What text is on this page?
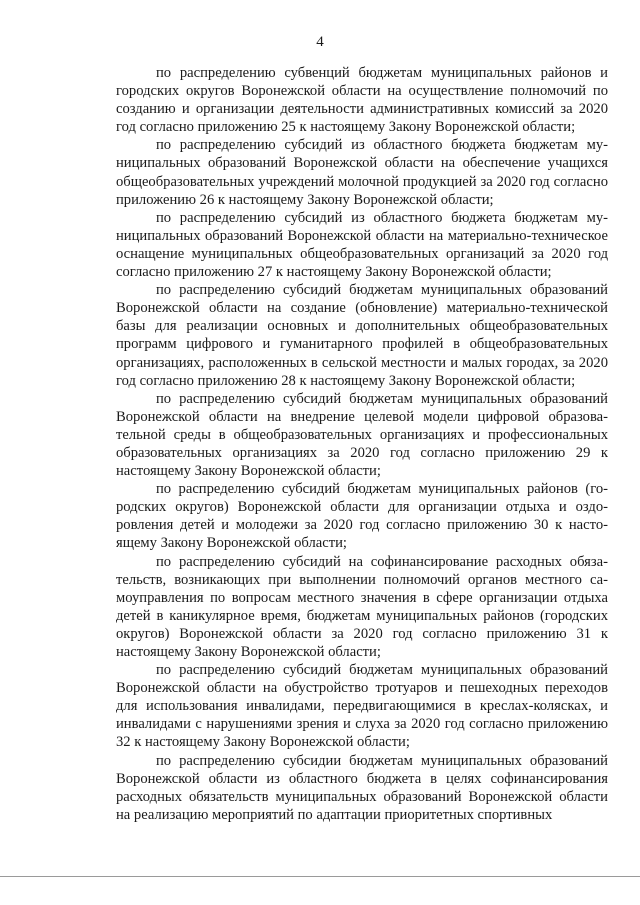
4

по распределению субвенций бюджетам муниципальных районов и городских округов Воронежской области на осуществление полномочий по созданию и организации деятельности административных комиссий за 2020 год согласно приложению 25 к настоящему Закону Воронежской области;

по распределению субсидий из областного бюджета бюджетам муниципальных образований Воронежской области на обеспечение учащихся общеобразовательных учреждений молочной продукцией за 2020 год согласно приложению 26 к настоящему Закону Воронежской области;

по распределению субсидий из областного бюджета бюджетам муниципальных образований Воронежской области на материально-техническое оснащение муниципальных общеобразовательных организаций за 2020 год согласно приложению 27 к настоящему Закону Воронежской области;

по распределению субсидий бюджетам муниципальных образований Воронежской области на создание (обновление) материально-технической базы для реализации основных и дополнительных общеобразовательных программ цифрового и гуманитарного профилей в общеобразовательных организациях, расположенных в сельской местности и малых городах, за 2020 год согласно приложению 28 к настоящему Закону Воронежской области;

по распределению субсидий бюджетам муниципальных образований Воронежской области на внедрение целевой модели цифровой образовательной среды в общеобразовательных организациях и профессиональных образовательных организациях за 2020 год согласно приложению 29 к настоящему Закону Воронежской области;

по распределению субсидий бюджетам муниципальных районов (городских округов) Воронежской области для организации отдыха и оздоровления детей и молодежи за 2020 год согласно приложению 30 к настоящему Закону Воронежской области;

по распределению субсидий на софинансирование расходных обязательств, возникающих при выполнении полномочий органов местного самоуправления по вопросам местного значения в сфере организации отдыха детей в каникулярное время, бюджетам муниципальных районов (городских округов) Воронежской области за 2020 год согласно приложению 31 к настоящему Закону Воронежской области;

по распределению субсидий бюджетам муниципальных образований Воронежской области на обустройство тротуаров и пешеходных переходов для использования инвалидами, передвигающимися в креслах-колясках, и инвалидами с нарушениями зрения и слуха за 2020 год согласно приложению 32 к настоящему Закону Воронежской области;

по распределению субсидии бюджетам муниципальных образований Воронежской области из областного бюджета в целях софинансирования расходных обязательств муниципальных образований Воронежской области на реализацию мероприятий по адаптации приоритетных спортивных
